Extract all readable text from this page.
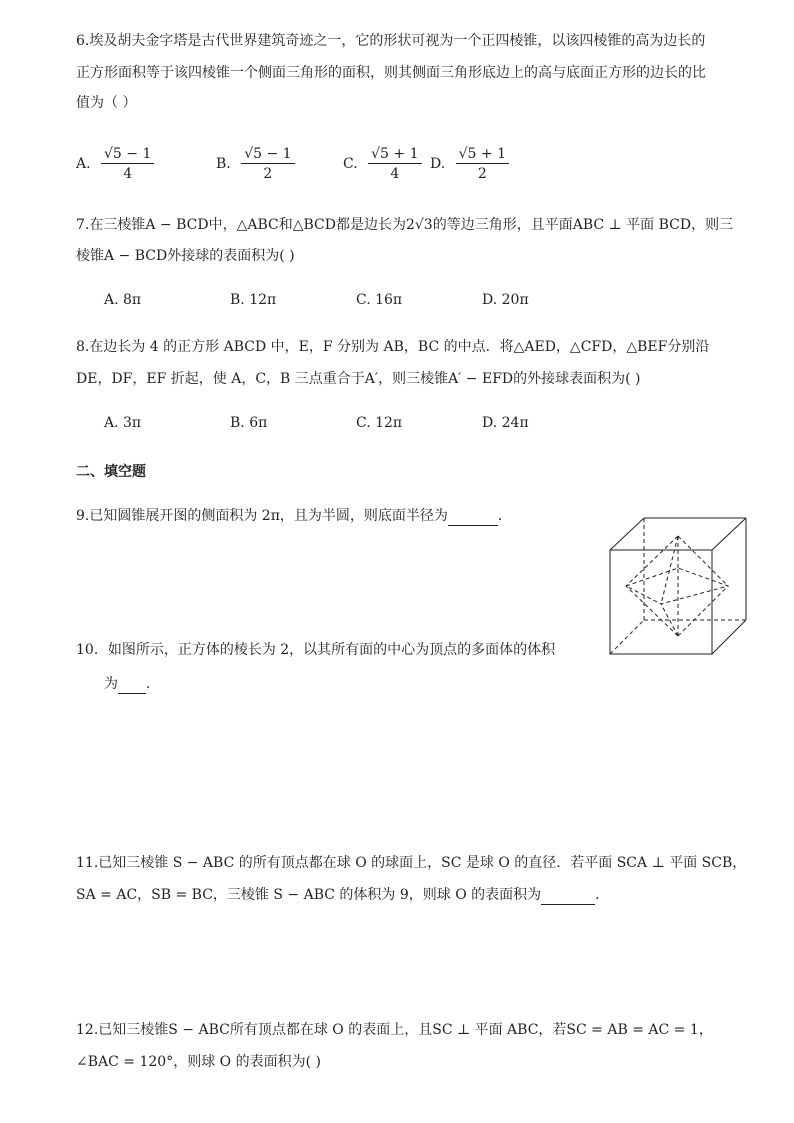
6.埃及胡夫金字塔是古代世界建筑奇迹之一，它的形状可视为一个正四棱锥，以该四棱锥的高为边长的
正方形面积等于该四棱锥一个侧面三角形的面积，则其侧面三角形底边上的高与底面正方形的边长的比
值为（ ）
A. $\frac{√5 - 1}{4}$	B. $\frac{√5 - 1}{2}$	C. $\frac{√5 + 1}{4} D$. $\frac{√5 + 1}{2}$
7.在三棱锥A − BCD中，△ABC和△BCD都是边长为2√3的等边三角形，且平面ABC ⊥ 平面 BCD，则三
棱锥A − BCD外接球的表面积为( )
A. 8π	B. 12π	C. 16π	D. 20π
8.在边长为 4 的正方形 ABCD 中，E，F 分别为 AB，BC 的中点．将△AED，△CFD，△BEF分别沿
DE，DF，EF 折起，使 A，C，B 三点重合于A′，则三棱锥A′ − EFD的外接球表面积为( )
A. 3π	B. 6π	C. 12π	D. 24π
二、填空题
9.已知圆锥展开图的侧面积为 2π，且为半圆，则底面半径为	．
10．如图所示，正方体的棱长为 2，以其所有面的中心为顶点的多面体的体积
为 ．
11.已知三棱锥 S − ABC 的所有顶点都在球 O 的球面上，SC 是球 O 的直径．若平面 SCA ⊥ 平面 SCB，
SA = AC，SB = BC，三棱锥 S − ABC 的体积为 9，则球 O 的表面积为	．
12.已知三棱锥S − ABC所有顶点都在球 O 的表面上，且SC ⊥ 平面 ABC，若SC = AB = AC = 1，
∠BAC = 120°，则球 O 的表面积为( )
